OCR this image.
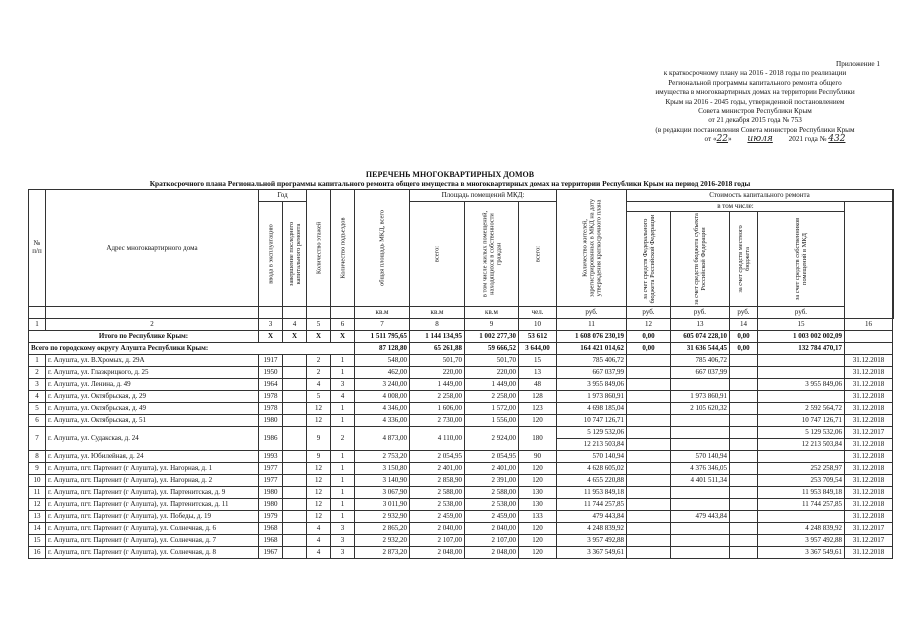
Приложение 1
к краткосрочному плану на 2016 - 2018 годы по реализации
Региональной программы капитального ремонта общего
имущества в многоквартирных домах на территории Республики
Крым на 2016 - 2045 годы, утвержденной постановлением
Совета министров Республики Крым
от 21 декабря 2015 года № 753
(в редакции постановления Совета министров Республики Крым
от «22» июля 2021 года № 432
ПЕРЕЧЕНЬ МНОГОКВАРТИРНЫХ ДОМОВ
Краткосрочного плана Региональной программы капитального ремонта общего имущества в многоквартирных домах на территории Республики Крым на период 2016-2018 годы
№ п/п	Адрес многоквартирного дома	Год		Количество этажей	Количество подъездов	общая площадь МКД, всего	Площадь помещений МКД:			Количество жителей, зарегистрированных в МКД на дату утверждения краткосрочного плана	Стоимость капитального ремонта	

		ввода в эксплуатацию	завершение последнего капитального ремонта				всего:	в том числе жилых помещений, находящихся в собственности граждан	всего:		в том числе:					

											за счет средств Федерального бюджета Российской Федерации	за счет средств бюджета субъекта Российской Федерации	за счет средств местного бюджета	за счет средств собственников помещений в МКД		

						кв.м	кв.м	кв.м	чел.	руб.	руб.	руб.	руб.	руб.		
1	2	3	4	5	6	7	8	9	10	11	12	13	14	15	16	
Итого по Республике Крым:		X	X	X	X	1 511 795,65	1 144 134,95	1 002 277,30	53 612	1 608 076 230,19	0,00	605 074 228,10	0,00	1 003 002 002,09		
Всего по городскому округу Алушта Республики Крым:						87 128,80	65 261,88	59 666,52	3 644,00	164 421 014,62	0,00	31 636 544,45	0,00	132 784 470,17		
1	г. Алушта, ул. В.Хромых, д. 29А	1917		2	1	548,00	501,70	501,70	15	785 406,72		785 406,72			31.12.2018	
2	г. Алушта, ул. Глазкрицкого, д. 25	1950		2	1	462,00	220,00	220,00	13	667 037,99		667 037,99			31.12.2018	
3	г. Алушта, ул. Ленина, д. 49	1964		4	3	3 240,00	1 449,00	1 449,00	48	3 955 849,06				3 955 849,06	31.12.2018	
4	г. Алушта, ул. Октябрьская, д. 29	1978		5	4	4 008,00	2 258,00	2 258,00	128	1 973 860,91		1 973 860,91			31.12.2018	
5	г. Алушта, ул. Октябрьская, д. 49	1978		12	1	4 346,00	1 606,00	1 572,00	123	4 698 185,04		2 105 620,32		2 592 564,72	31.12.2018	
6	г. Алушта, ул. Октябрьская, д. 51	1980		12	1	4 336,00	2 730,00	1 556,00	120	10 747 126,71				10 747 126,71	31.12.2018	
7	г. Алушта, ул. Судакская, д. 24	1986		9	2	4 873,00	4 110,00	2 924,00	180	5 129 532,06				5 129 532,06	31.12.2017	
										12 213 503,84				12 213 503,84	31.12.2018	
8	г. Алушта, ул. Юбилейная, д. 24	1993		9	1	2 753,20	2 054,95	2 054,95	90	570 140,94		570 140,94			31.12.2018	
9	г. Алушта, пгт. Партенит (г Алушта), ул. Нагорная, д. 1	1977		12	1	3 150,80	2 401,00	2 401,00	120	4 628 605,02		4 376 346,05		252 258,97	31.12.2018	
10	г. Алушта, пгт. Партенит (г Алушта), ул. Нагорная, д. 2	1977		12	1	3 140,90	2 858,90	2 391,00	120	4 655 220,88		4 401 511,34		253 709,54	31.12.2018	
11	г. Алушта, пгт. Партенит (г Алушта), ул. Партенитская, д. 9	1980		12	1	3 067,90	2 588,00	2 588,00	130	11 953 849,18				11 953 849,18	31.12.2018	
12	г. Алушта, пгт. Партенит (г Алушта), ул. Партенитская, д. 11	1980		12	1	3 011,90	2 538,00	2 538,00	130	11 744 257,85				11 744 257,85	31.12.2018	
13	г. Алушта, пгт. Партенит (г Алушта), ул. Победы, д. 19	1979		12	1	2 932,90	2 459,00	2 459,00	133	479 443,84		479 443,84			31.12.2018	
14	г. Алушта, пгт. Партенит (г Алушта), ул. Солнечная, д. 6	1968		4	3	2 865,20	2 040,00	2 040,00	120	4 248 839,92				4 248 839,92	31.12.2017	
15	г. Алушта, пгт. Партенит (г Алушта), ул. Солнечная, д. 7	1968		4	3	2 932,20	2 107,00	2 107,00	120	3 957 492,88				3 957 492,88	31.12.2017	
16	г. Алушта, пгт. Партенит (г Алушта), ул. Солнечная, д. 8	1967		4	3	2 873,20	2 048,00	2 048,00	120	3 367 549,61				3 367 549,61	31.12.2018	
